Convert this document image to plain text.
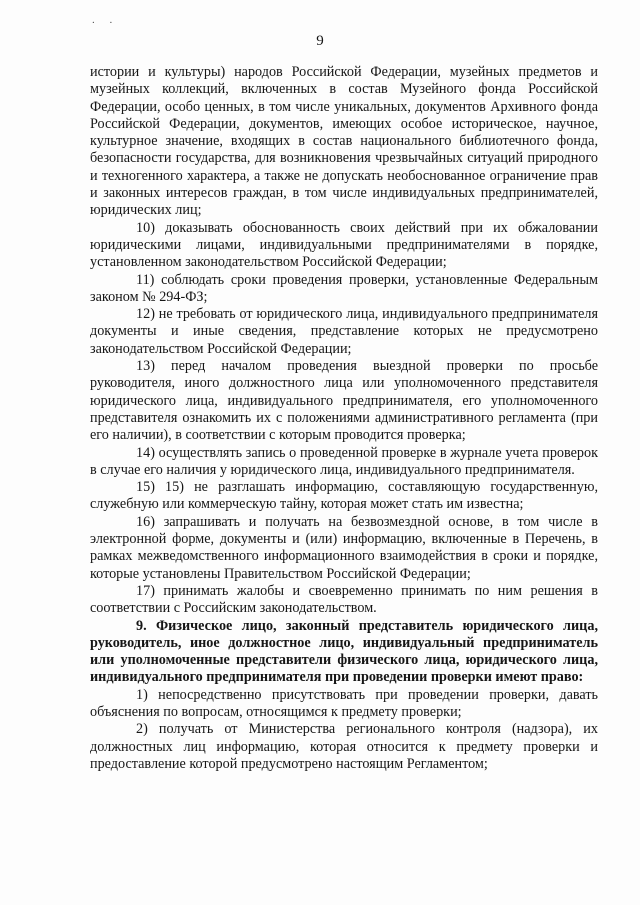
. .
9

истории и культуры) народов Российской Федерации, музейных предметов и музейных коллекций, включенных в состав Музейного фонда Российской Федерации, особо ценных, в том числе уникальных, документов Архивного фонда Российской Федерации, документов, имеющих особое историческое, научное, культурное значение, входящих в состав национального библиотечного фонда, безопасности государства, для возникновения чрезвычайных ситуаций природного и техногенного характера, а также не допускать необоснованное ограничение прав и законных интересов граждан, в том числе индивидуальных предпринимателей, юридических лиц;

10) доказывать обоснованность своих действий при их обжаловании юридическими лицами, индивидуальными предпринимателями в порядке, установленном законодательством Российской Федерации;

11) соблюдать сроки проведения проверки, установленные Федеральным законом № 294-ФЗ;

12) не требовать от юридического лица, индивидуального предпринимателя документы и иные сведения, представление которых не предусмотрено законодательством Российской Федерации;

13) перед началом проведения выездной проверки по просьбе руководителя, иного должностного лица или уполномоченного представителя юридического лица, индивидуального предпринимателя, его уполномоченного представителя ознакомить их с положениями административного регламента (при его наличии), в соответствии с которым проводится проверка;

14) осуществлять запись о проведенной проверке в журнале учета проверок в случае его наличия у юридического лица, индивидуального предпринимателя.

15) 15) не разглашать информацию, составляющую государственную, служебную или коммерческую тайну, которая может стать им известна;

16) запрашивать и получать на безвозмездной основе, в том числе в электронной форме, документы и (или) информацию, включенные в Перечень, в рамках межведомственного информационного взаимодействия в сроки и порядке, которые установлены Правительством Российской Федерации;

17) принимать жалобы и своевременно принимать по ним решения в соответствии с Российским законодательством.

9. Физическое лицо, законный представитель юридического лица, руководитель, иное должностное лицо, индивидуальный предприниматель или уполномоченные представители физического лица, юридического лица, индивидуального предпринимателя при проведении проверки имеют право:

1) непосредственно присутствовать при проведении проверки, давать объяснения по вопросам, относящимся к предмету проверки;

2) получать от Министерства регионального контроля (надзора), их должностных лиц информацию, которая относится к предмету проверки и предоставление которой предусмотрено настоящим Регламентом;
